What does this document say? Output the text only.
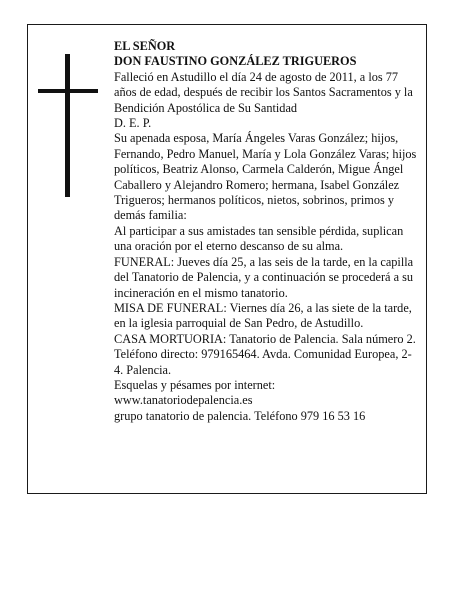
EL SEÑOR

DON FAUSTINO GONZÁLEZ TRIGUEROS

Falleció en Astudillo el día 24 de agosto de 2011, a los 77 años de edad, después de recibir los Santos Sacramentos y la Bendición Apostólica de Su Santidad

D. E. P.

Su apenada esposa, María Ángeles Varas González; hijos, Fernando, Pedro Manuel, María y Lola González Varas; hijos políticos, Beatriz Alonso, Carmela Calderón, Migue Ángel Caballero y Alejandro Romero; hermana, Isabel González Trigueros; hermanos políticos, nietos, sobrinos, primos y demás familia:

Al participar a sus amistades tan sensible pérdida, suplican una oración por el eterno descanso de su alma.

FUNERAL: Jueves día 25, a las seis de la tarde, en la capilla del Tanatorio de Palencia, y a continuación se procederá a su incineración en el mismo tanatorio.

MISA DE FUNERAL: Viernes día 26, a las siete de la tarde, en la iglesia parroquial de San Pedro, de Astudillo.

CASA MORTUORIA: Tanatorio de Palencia. Sala número 2. Teléfono directo: 979165464. Avda. Comunidad Europea, 2-4. Palencia.

Esquelas y pésames por internet:

www.tanatoriodepalencia.es

grupo tanatorio de palencia. Teléfono 979 16 53 16
